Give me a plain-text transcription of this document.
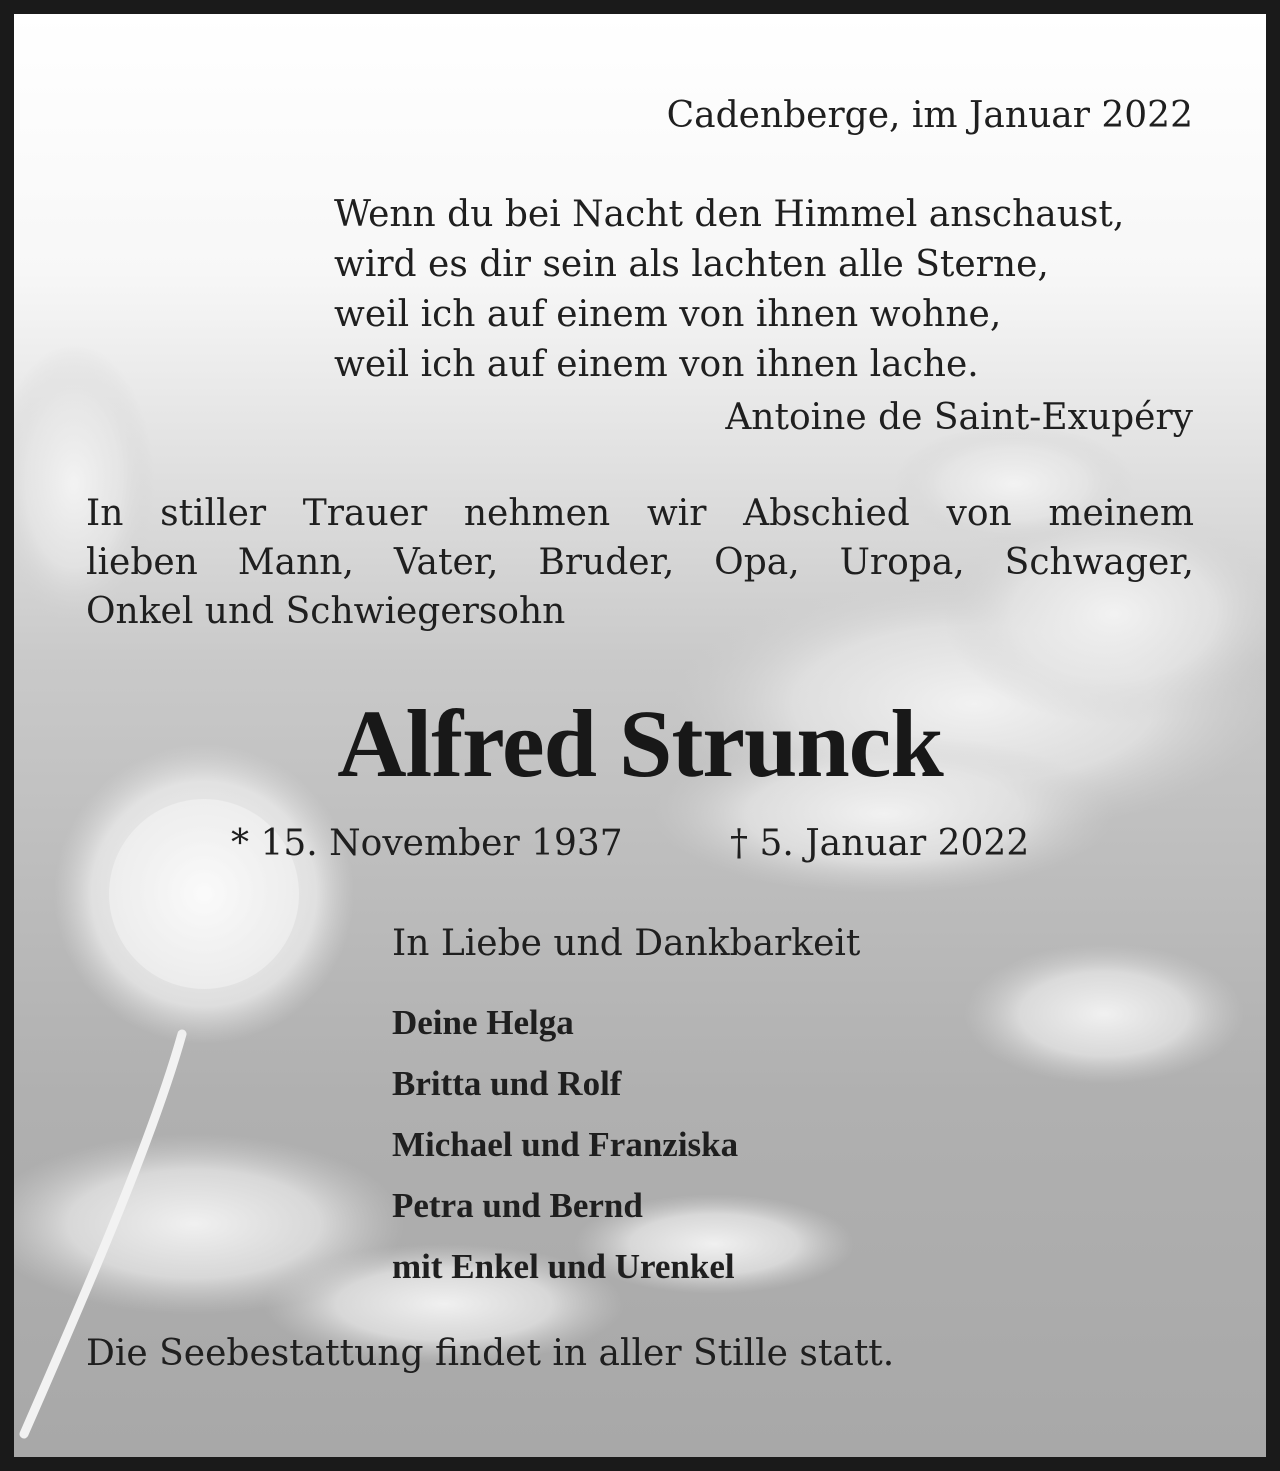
Cadenberge, im Januar 2022
Wenn du bei Nacht den Himmel anschaust,
wird es dir sein als lachten alle Sterne,
weil ich auf einem von ihnen wohne,
weil ich auf einem von ihnen lache.
Antoine de Saint-Exupéry
In stiller Trauer nehmen wir Abschied von meinem
lieben Mann, Vater, Bruder, Opa, Uropa, Schwager,
Onkel und Schwiegersohn
Alfred Strunck
* 15. November 1937	† 5. Januar 2022
In Liebe und Dankbarkeit
Deine Helga
Britta und Rolf
Michael und Franziska
Petra und Bernd
mit Enkel und Urenkel
Die Seebestattung findet in aller Stille statt.
